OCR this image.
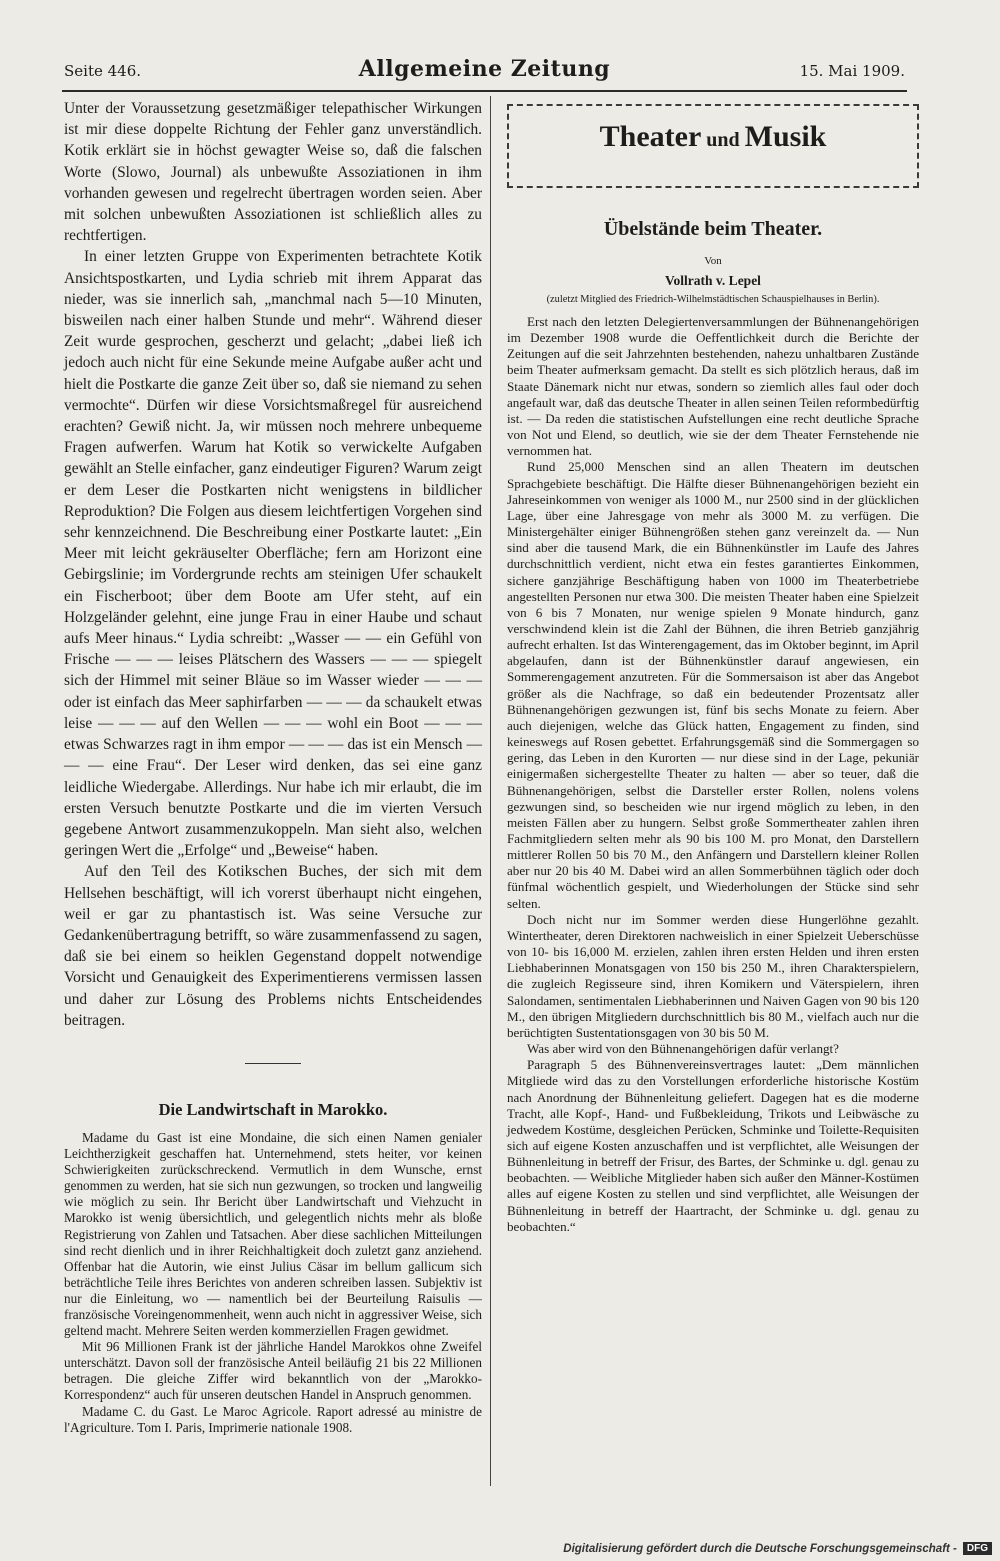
Seite 446.	Allgemeine Zeitung	15. Mai 1909.

Unter der Voraussetzung gesetzmäßiger telepathischer Wirkungen ist mir diese doppelte Richtung der Fehler ganz unverständlich. Kotik erklärt sie in höchst gewagter Weise so, daß die falschen Worte (Slowo, Journal) als unbewußte Assoziationen in ihm vorhanden gewesen und regelrecht übertragen worden seien. Aber mit solchen unbewußten Assoziationen ist schließlich alles zu rechtfertigen.

In einer letzten Gruppe von Experimenten betrachtete Kotik Ansichtspostkarten, und Lydia schrieb mit ihrem Apparat das nieder, was sie innerlich sah, „manchmal nach 5—10 Minuten, bisweilen nach einer halben Stunde und mehr“. Während dieser Zeit wurde gesprochen, gescherzt und gelacht; „dabei ließ ich jedoch auch nicht für eine Sekunde meine Aufgabe außer acht und hielt die Postkarte die ganze Zeit über so, daß sie niemand zu sehen vermochte“. Dürfen wir diese Vorsichtsmaßregel für ausreichend erachten? Gewiß nicht. Ja, wir müssen noch mehrere unbequeme Fragen aufwerfen. Warum hat Kotik so verwickelte Aufgaben gewählt an Stelle einfacher, ganz eindeutiger Figuren? Warum zeigt er dem Leser die Postkarten nicht wenigstens in bildlicher Reproduktion? Die Folgen aus diesem leichtfertigen Vorgehen sind sehr kennzeichnend. Die Beschreibung einer Postkarte lautet: „Ein Meer mit leicht gekräuselter Oberfläche; fern am Horizont eine Gebirgslinie; im Vordergrunde rechts am steinigen Ufer schaukelt ein Fischerboot; über dem Boote am Ufer steht, auf ein Holzgeländer gelehnt, eine junge Frau in einer Haube und schaut aufs Meer hinaus.“ Lydia schreibt: „Wasser — — ein Gefühl von Frische — — — leises Plätschern des Wassers — — — spiegelt sich der Himmel mit seiner Bläue so im Wasser wieder — — — oder ist einfach das Meer saphirfarben — — — da schaukelt etwas leise — — — auf den Wellen — — — wohl ein Boot — — — etwas Schwarzes ragt in ihm empor — — — das ist ein Mensch — — — eine Frau“. Der Leser wird denken, das sei eine ganz leidliche Wiedergabe. Allerdings. Nur habe ich mir erlaubt, die im ersten Versuch benutzte Postkarte und die im vierten Versuch gegebene Antwort zusammenzukoppeln. Man sieht also, welchen geringen Wert die „Erfolge“ und „Beweise“ haben.

Auf den Teil des Kotikschen Buches, der sich mit dem Hellsehen beschäftigt, will ich vorerst überhaupt nicht eingehen, weil er gar zu phantastisch ist. Was seine Versuche zur Gedankenübertragung betrifft, so wäre zusammenfassend zu sagen, daß sie bei einem so heiklen Gegenstand doppelt notwendige Vorsicht und Genauigkeit des Experimentierens vermissen lassen und daher zur Lösung des Problems nichts Entscheidendes beitragen.

Die Landwirtschaft in Marokko.

Madame du Gast ist eine Mondaine, die sich einen Namen genialer Leichtherzigkeit geschaffen hat. Unternehmend, stets heiter, vor keinen Schwierigkeiten zurückschreckend. Vermutlich in dem Wunsche, ernst genommen zu werden, hat sie sich nun gezwungen, so trocken und langweilig wie möglich zu sein. Ihr Bericht über Landwirtschaft und Viehzucht in Marokko ist wenig übersichtlich, und gelegentlich nichts mehr als bloße Registrierung von Zahlen und Tatsachen. Aber diese sachlichen Mitteilungen sind recht dienlich und in ihrer Reichhaltigkeit doch zuletzt ganz anziehend. Offenbar hat die Autorin, wie einst Julius Cäsar im bellum gallicum sich beträchtliche Teile ihres Berichtes von anderen schreiben lassen. Subjektiv ist nur die Einleitung, wo — namentlich bei der Beurteilung Raisulis — französische Voreingenommenheit, wenn auch nicht in aggressiver Weise, sich geltend macht. Mehrere Seiten werden kommerziellen Fragen gewidmet.

Mit 96 Millionen Frank ist der jährliche Handel Marokkos ohne Zweifel unterschätzt. Davon soll der französische Anteil beiläufig 21 bis 22 Millionen betragen. Die gleiche Ziffer wird bekanntlich von der „Marokko-Korrespondenz“ auch für unseren deutschen Handel in Anspruch genommen.

Madame C. du Gast. Le Maroc Agricole. Raport adressé au ministre de l'Agriculture. Tom I. Paris, Imprimerie nationale 1908.

Theater und Musik
Übelstände beim Theater.
Von
Vollrath v. Lepel
(zuletzt Mitglied des Friedrich-Wilhelmstädtischen Schauspielhauses in Berlin).

Erst nach den letzten Delegiertenversammlungen der Bühnenangehörigen im Dezember 1908 wurde die Oeffentlichkeit durch die Berichte der Zeitungen auf die seit Jahrzehnten bestehenden, nahezu unhaltbaren Zustände beim Theater aufmerksam gemacht. Da stellt es sich plötzlich heraus, daß im Staate Dänemark nicht nur etwas, sondern so ziemlich alles faul oder doch angefault war, daß das deutsche Theater in allen seinen Teilen reformbedürftig ist. — Da reden die statistischen Aufstellungen eine recht deutliche Sprache von Not und Elend, so deutlich, wie sie der dem Theater Fernstehende nie vernommen hat.

Rund 25,000 Menschen sind an allen Theatern im deutschen Sprachgebiete beschäftigt. Die Hälfte dieser Bühnenangehörigen bezieht ein Jahreseinkommen von weniger als 1000 M., nur 2500 sind in der glücklichen Lage, über eine Jahresgage von mehr als 3000 M. zu verfügen. Die Ministergehälter einiger Bühnengrößen stehen ganz vereinzelt da. — Nun sind aber die tausend Mark, die ein Bühnenkünstler im Laufe des Jahres durchschnittlich verdient, nicht etwa ein festes garantiertes Einkommen, sichere ganzjährige Beschäftigung haben von 1000 im Theaterbetriebe angestellten Personen nur etwa 300. Die meisten Theater haben eine Spielzeit von 6 bis 7 Monaten, nur wenige spielen 9 Monate hindurch, ganz verschwindend klein ist die Zahl der Bühnen, die ihren Betrieb ganzjährig aufrecht erhalten. Ist das Winterengagement, das im Oktober beginnt, im April abgelaufen, dann ist der Bühnenkünstler darauf angewiesen, ein Sommerengagement anzutreten. Für die Sommersaison ist aber das Angebot größer als die Nachfrage, so daß ein bedeutender Prozentsatz aller Bühnenangehörigen gezwungen ist, fünf bis sechs Monate zu feiern. Aber auch diejenigen, welche das Glück hatten, Engagement zu finden, sind keineswegs auf Rosen gebettet. Erfahrungsgemäß sind die Sommergagen so gering, das Leben in den Kurorten — nur diese sind in der Lage, pekuniär einigermaßen sichergestellte Theater zu halten — aber so teuer, daß die Bühnenangehörigen, selbst die Darsteller erster Rollen, nolens volens gezwungen sind, so bescheiden wie nur irgend möglich zu leben, in den meisten Fällen aber zu hungern. Selbst große Sommertheater zahlen ihren Fachmitgliedern selten mehr als 90 bis 100 M. pro Monat, den Darstellern mittlerer Rollen 50 bis 70 M., den Anfängern und Darstellern kleiner Rollen aber nur 20 bis 40 M. Dabei wird an allen Sommerbühnen täglich oder doch fünfmal wöchentlich gespielt, und Wiederholungen der Stücke sind sehr selten.

Doch nicht nur im Sommer werden diese Hungerlöhne gezahlt. Wintertheater, deren Direktoren nachweislich in einer Spielzeit Ueberschüsse von 10- bis 16,000 M. erzielen, zahlen ihren ersten Helden und ihren ersten Liebhaberinnen Monatsgagen von 150 bis 250 M., ihren Charakterspielern, die zugleich Regisseure sind, ihren Komikern und Väterspielern, ihren Salondamen, sentimentalen Liebhaberinnen und Naiven Gagen von 90 bis 120 M., den übrigen Mitgliedern durchschnittlich bis 80 M., vielfach auch nur die berüchtigten Sustentationsgagen von 30 bis 50 M.

Was aber wird von den Bühnenangehörigen dafür verlangt?

Paragraph 5 des Bühnenvereinsvertrages lautet: „Dem männlichen Mitgliede wird das zu den Vorstellungen erforderliche historische Kostüm nach Anordnung der Bühnenleitung geliefert. Dagegen hat es die moderne Tracht, alle Kopf-, Hand- und Fußbekleidung, Trikots und Leibwäsche zu jedwedem Kostüme, desgleichen Perücken, Schminke und Toilette-Requisiten sich auf eigene Kosten anzuschaffen und ist verpflichtet, alle Weisungen der Bühnenleitung in betreff der Frisur, des Bartes, der Schminke u. dgl. genau zu beobachten. — Weibliche Mitglieder haben sich außer den Männer-Kostümen alles auf eigene Kosten zu stellen und sind verpflichtet, alle Weisungen der Bühnenleitung in betreff der Haartracht, der Schminke u. dgl. genau zu beobachten.“

Digitalisierung gefördert durch die Deutsche Forschungsgemeinschaft -	DFG
